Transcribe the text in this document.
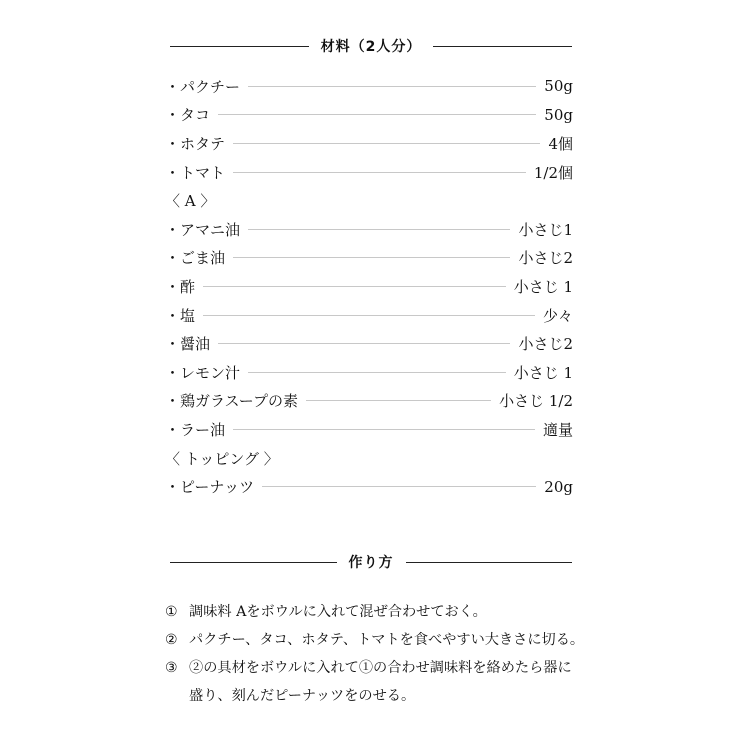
材料（2人分）
・パクチー	50g
・タコ	50g
・ホタテ	4個
・トマト	1/2個
〈 A 〉
・アマニ油	小さじ1
・ごま油	小さじ2
・酢	小さじ 1
・塩	少々
・醤油	小さじ2
・レモン汁	小さじ 1
・鶏ガラスープの素	小さじ 1/2
・ラー油	適量
〈 トッピング 〉
・ピーナッツ	20g
作り方
① 調味料 Aをボウルに入れて混ぜ合わせておく。
② パクチー、タコ、ホタテ、トマトを食べやすい大きさに切る。
③ ②の具材をボウルに入れて①の合わせ調味料を絡めたら器に盛り、刻んだピーナッツをのせる。
